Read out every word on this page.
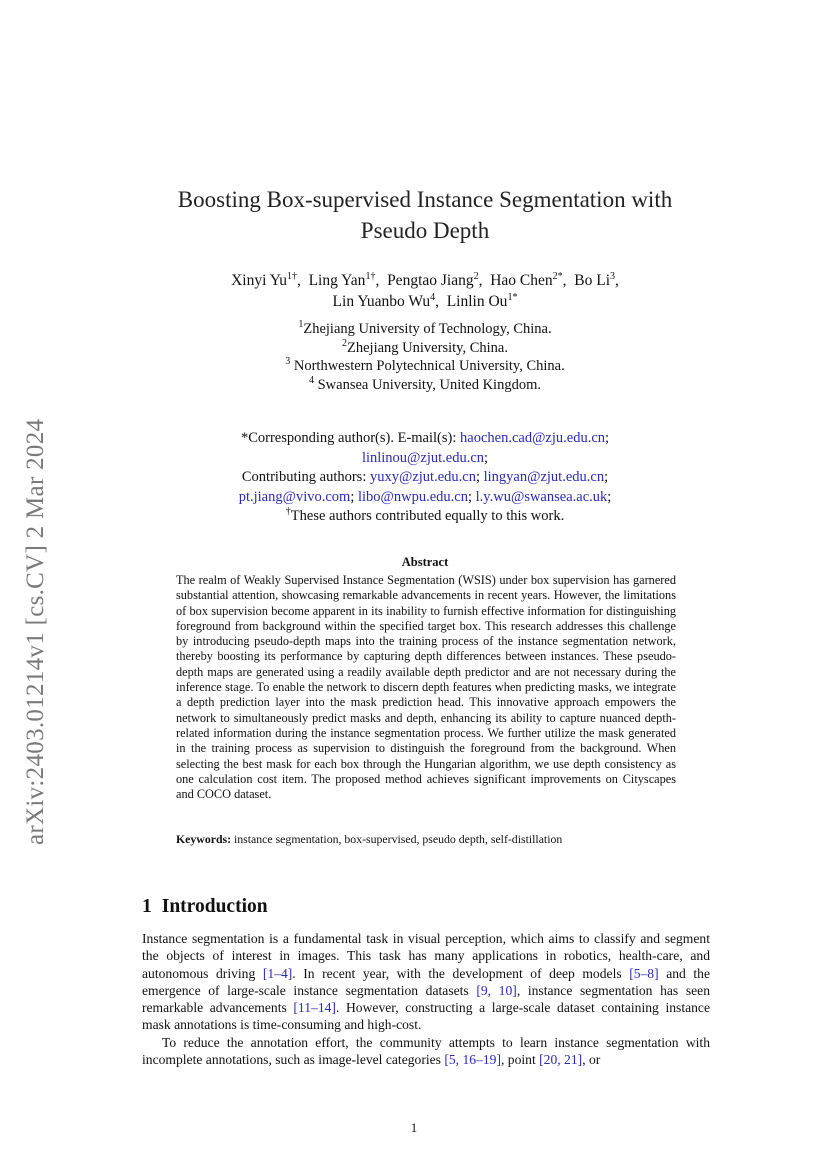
arXiv:2403.01214v1 [cs.CV] 2 Mar 2024
Boosting Box-supervised Instance Segmentation with
Pseudo Depth
Xinyi $Yu^{1\dagger}$,  Ling Yan$^{1\dagger}$,  Pengtao Jiang$^2$,  Hao Chen$^{2*}$,  Bo Li$^3$,
Lin Yuanbo Wu$^4$,  Linlin $Ou^{1*}$
$^1$Zhejiang University of Technology, China.
$^2$Zhejiang University, China.
$^3$ Northwestern Polytechnical University, China.
$^4$ Swansea University, United Kingdom.
*Corresponding author(s). E-mail(s): haochen.cad@zju.edu.cn;
linlinou@zjut.edu.cn;
Contributing authors: yuxy@zjut.edu.cn; lingyan@zjut.edu.cn;
pt.jiang@vivo.com; libo@nwpu.edu.cn; l.y.wu@swansea.ac.uk;
†These authors contributed equally to this work.
Abstract
The realm of Weakly Supervised Instance Segmentation (WSIS) under box supervision has garnered substantial attention, showcasing remarkable advancements in recent years. However, the limitations of box supervision become apparent in its inability to furnish effective information for distinguishing foreground from background within the specified target box. This research addresses this challenge by introducing pseudo-depth maps into the training process of the instance segmentation network, thereby boosting its performance by capturing depth differences between instances. These pseudo-depth maps are generated using a readily available depth predictor and are not necessary during the inference stage. To enable the network to discern depth features when predicting masks, we integrate a depth prediction layer into the mask prediction head. This innovative approach empowers the network to simultaneously predict masks and depth, enhancing its ability to capture nuanced depth-related information during the instance segmentation process. We further utilize the mask generated in the training process as supervision to distinguish the foreground from the background. When selecting the best mask for each box through the Hungarian algorithm, we use depth consistency as one calculation cost item. The proposed method achieves significant improvements on Cityscapes and COCO dataset.
Keywords: instance segmentation, box-supervised, pseudo depth, self-distillation
1 Introduction

Instance segmentation is a fundamental task in visual perception, which aims to classify and segment the objects of interest in images. This task has many applications in robotics, health-care, and autonomous driving [1–4]. In recent year, with the development of deep models [5–8] and the emergence of large-scale instance segmentation datasets [9, 10], instance segmentation has seen remarkable advancements [11–14]. However, constructing a large-scale dataset containing instance mask annotations is time-consuming and high-cost.

To reduce the annotation effort, the community attempts to learn instance segmentation with incomplete annotations, such as image-level categories [5, 16–19], point [20, 21], or

1
